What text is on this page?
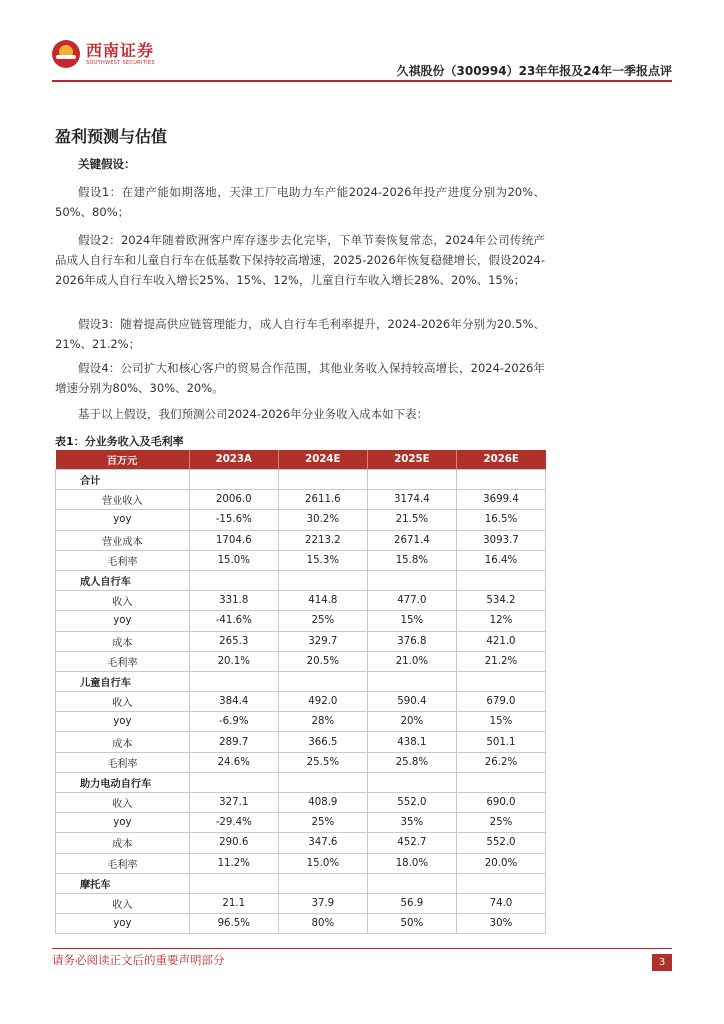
西南证券
SOUTHWEST SECURITIES
久祺股份（300994）23年年报及24年一季报点评
盈利预测与估值
关键假设：
假设1：在建产能如期落地，天津工厂电助力车产能2024-2026年投产进度分别为20%、50%、80%；
假设2：2024年随着欧洲客户库存逐步去化完毕，下单节奏恢复常态，2024年公司传统产品成人自行车和儿童自行车在低基数下保持较高增速，2025-2026年恢复稳健增长，假设2024-2026年成人自行车收入增长25%、15%、12%，儿童自行车收入增长28%、20%、15%；
假设3：随着提高供应链管理能力，成人自行车毛利率提升，2024-2026年分别为20.5%、21%、21.2%；
假设4：公司扩大和核心客户的贸易合作范围，其他业务收入保持较高增长，2024-2026年增速分别为80%、30%、20%。
基于以上假设，我们预测公司2024-2026年分业务收入成本如下表：
表1：分业务收入及毛利率
百万元	2023A	2024E	2025E	2026E
合计				
营业收入	2006.0	2611.6	3174.4	3699.4
yoy	-15.6%	30.2%	21.5%	16.5%
营业成本	1704.6	2213.2	2671.4	3093.7
毛利率	15.0%	15.3%	15.8%	16.4%
成人自行车				
收入	331.8	414.8	477.0	534.2
yoy	-41.6%	25%	15%	12%
成本	265.3	329.7	376.8	421.0
毛利率	20.1%	20.5%	21.0%	21.2%
儿童自行车				
收入	384.4	492.0	590.4	679.0
yoy	-6.9%	28%	20%	15%
成本	289.7	366.5	438.1	501.1
毛利率	24.6%	25.5%	25.8%	26.2%
助力电动自行车				
收入	327.1	408.9	552.0	690.0
yoy	-29.4%	25%	35%	25%
成本	290.6	347.6	452.7	552.0
毛利率	11.2%	15.0%	18.0%	20.0%
摩托车				
收入	21.1	37.9	56.9	74.0
yoy	96.5%	80%	50%	30%
请务必阅读正文后的重要声明部分	3
